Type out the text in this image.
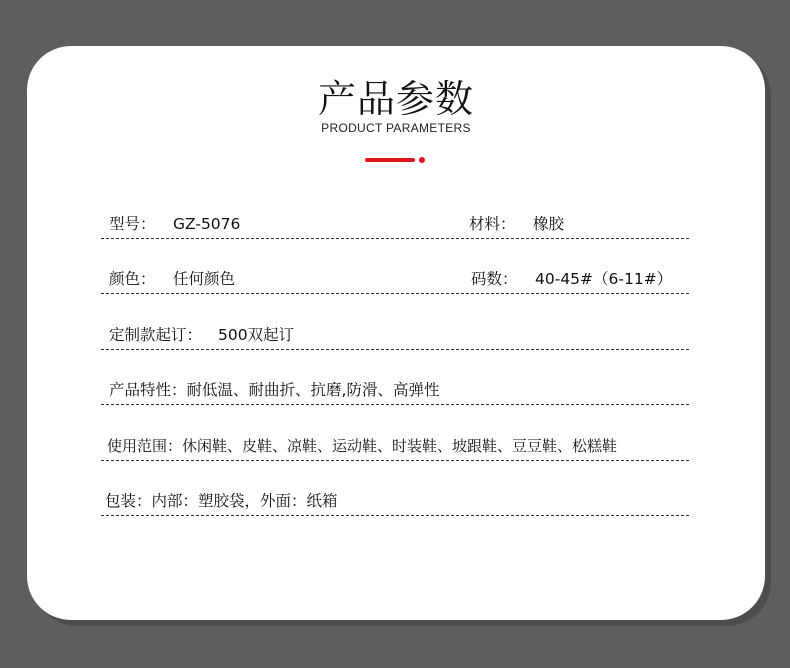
产品参数
PRODUCT PARAMETERS
型号： GZ-5076	材料： 橡胶
颜色： 任何颜色	码数： 40-45#（6-11#）
定制款起订： 500双起订
产品特性：耐低温、耐曲折、抗磨,防滑、高弹性
使用范围：休闲鞋、皮鞋、凉鞋、运动鞋、时装鞋、坡跟鞋、豆豆鞋、松糕鞋
包装：内部：塑胶袋，外面：纸箱
